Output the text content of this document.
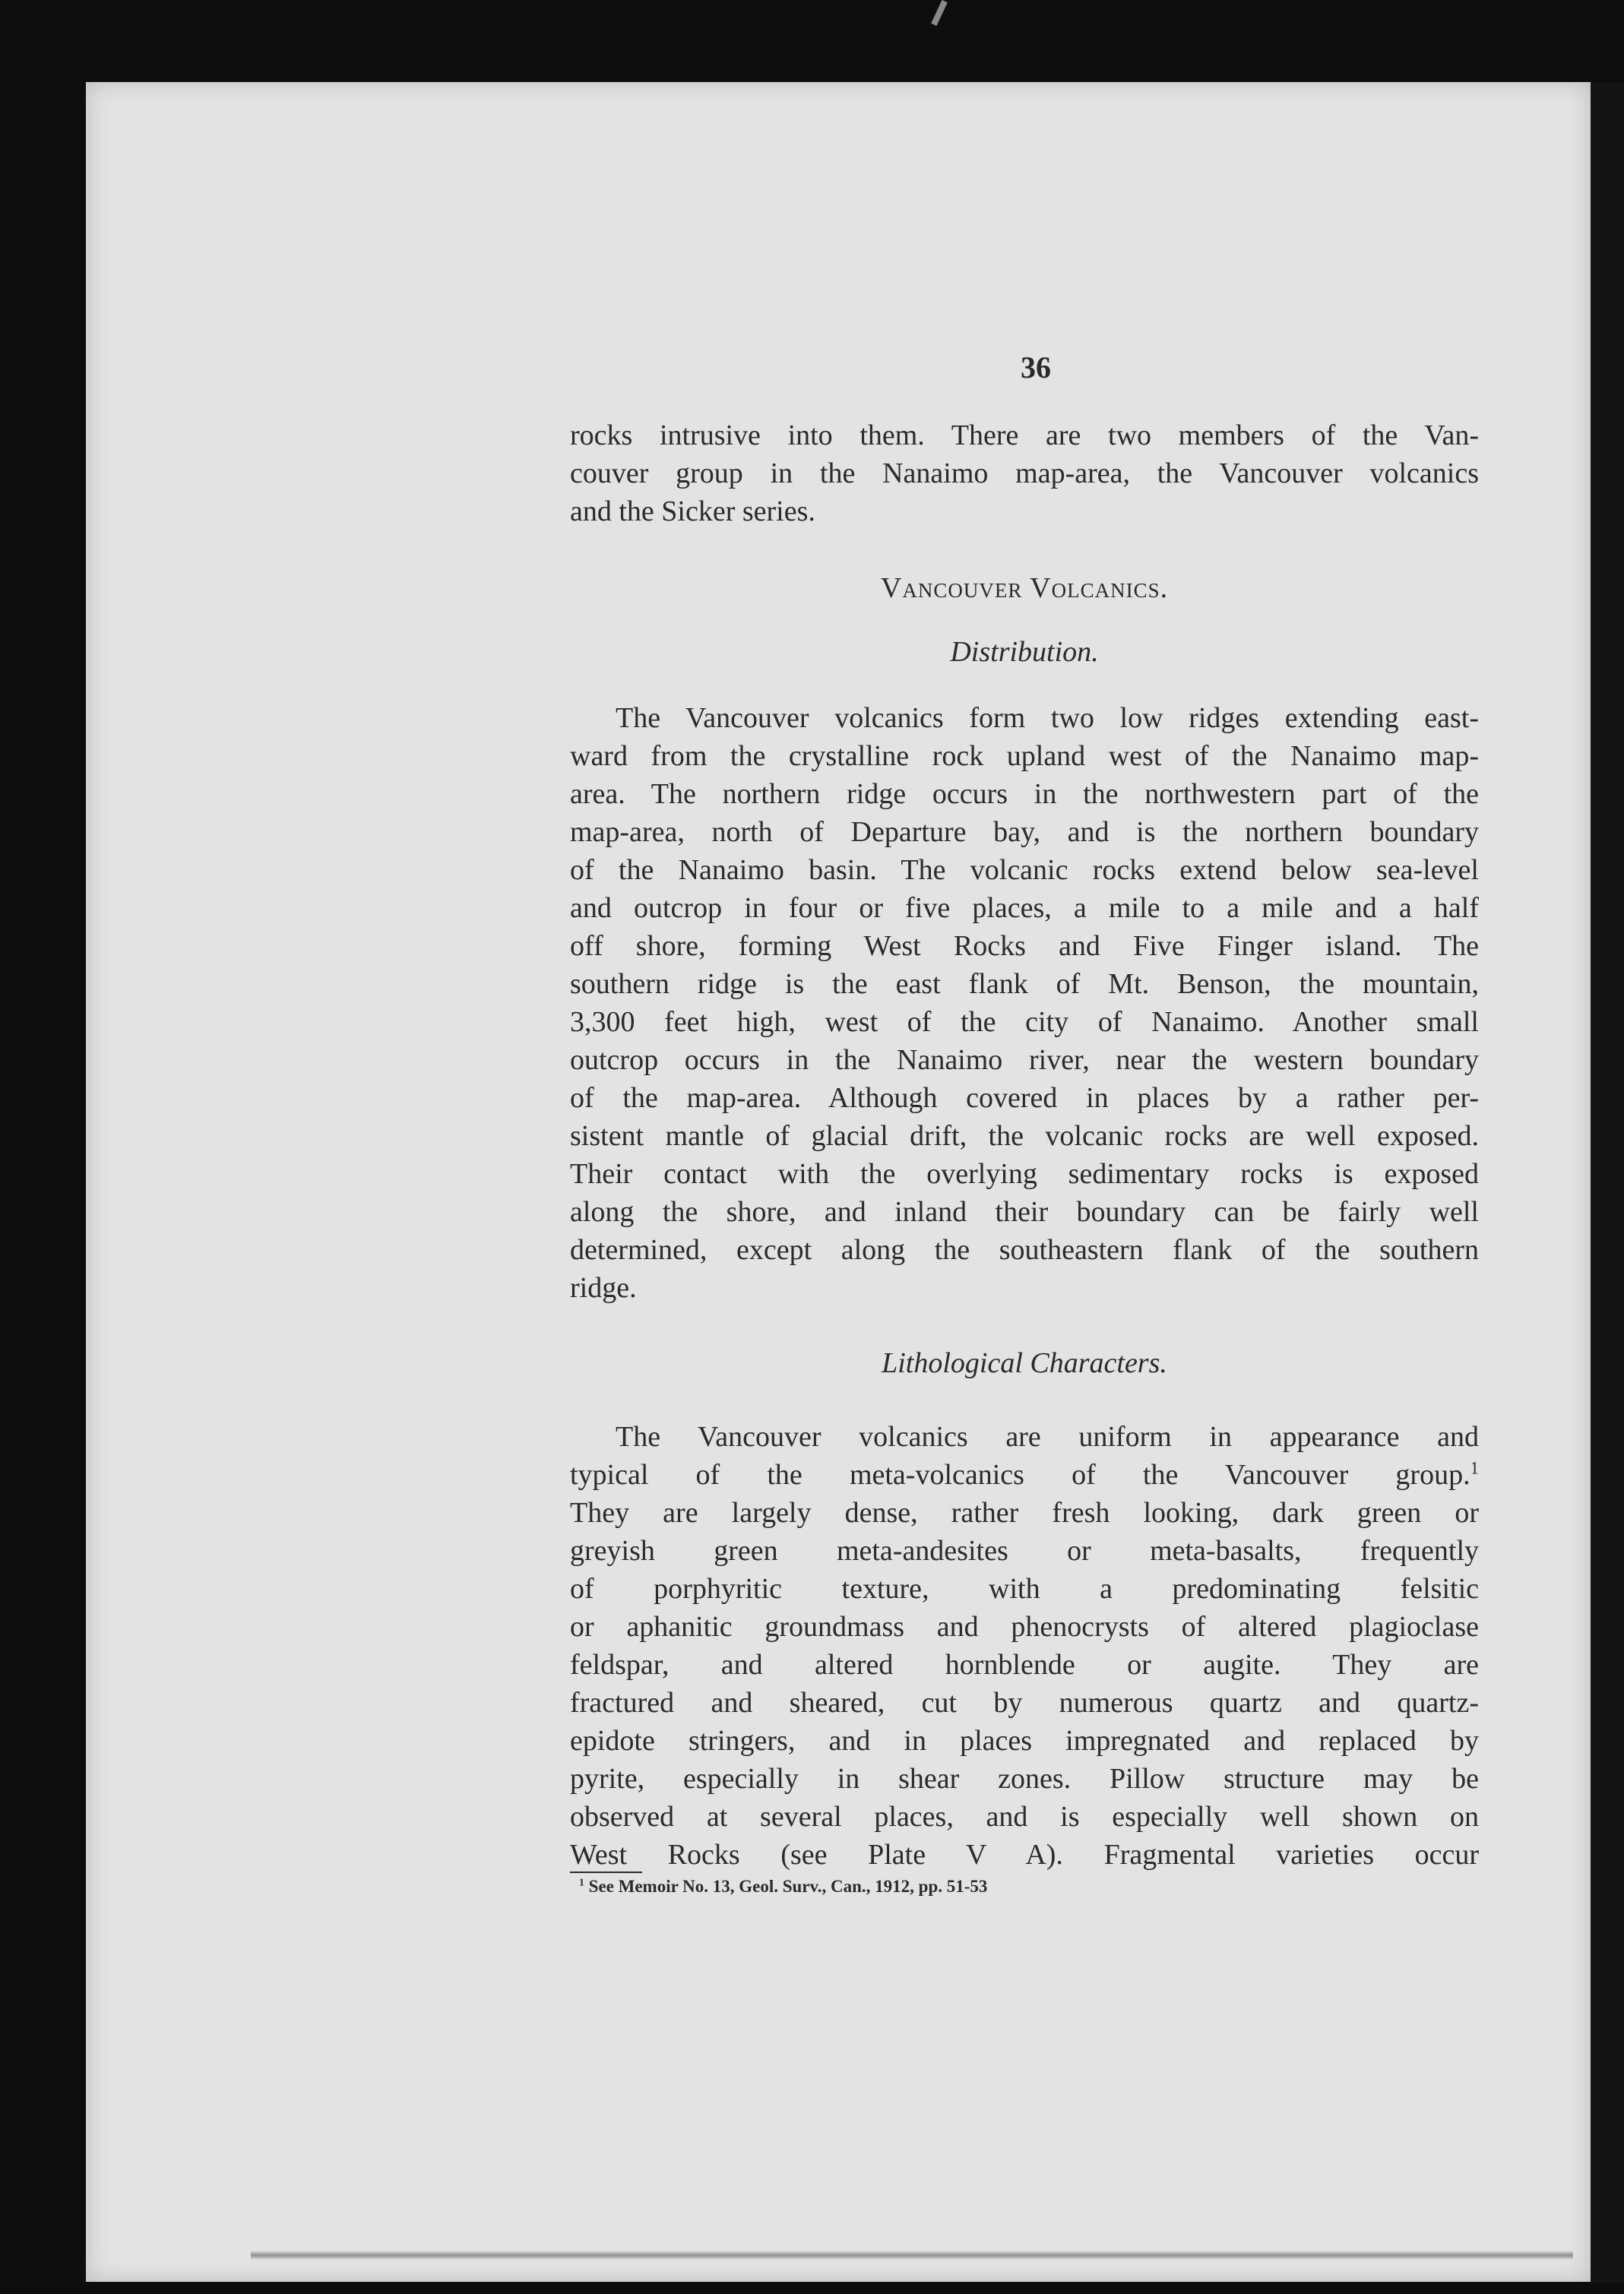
36
rocks intrusive into them. There are two members of the Van-
couver group in the Nanaimo map-area, the Vancouver volcanics
and the Sicker series.
Vancouver Volcanics.
Distribution.
The Vancouver volcanics form two low ridges extending east-
ward from the crystalline rock upland west of the Nanaimo map-
area. The northern ridge occurs in the northwestern part of the
map-area, north of Departure bay, and is the northern boundary
of the Nanaimo basin. The volcanic rocks extend below sea-level
and outcrop in four or five places, a mile to a mile and a half
off shore, forming West Rocks and Five Finger island. The
southern ridge is the east flank of Mt. Benson, the mountain,
3,300 feet high, west of the city of Nanaimo. Another small
outcrop occurs in the Nanaimo river, near the western boundary
of the map-area. Although covered in places by a rather per-
sistent mantle of glacial drift, the volcanic rocks are well exposed.
Their contact with the overlying sedimentary rocks is exposed
along the shore, and inland their boundary can be fairly well
determined, except along the southeastern flank of the southern
ridge.
Lithological Characters.
The Vancouver volcanics are uniform in appearance and
typical of the meta-volcanics of the Vancouver group.$^1$
They are largely dense, rather fresh looking, dark green or
greyish green meta-andesites or meta-basalts, frequently
of porphyritic texture, with a predominating felsitic
or aphanitic groundmass and phenocrysts of altered plagioclase
feldspar, and altered hornblende or augite. They are
fractured and sheared, cut by numerous quartz and quartz-
epidote stringers, and in places impregnated and replaced by
pyrite, especially in shear zones. Pillow structure may be
observed at several places, and is especially well shown on
West Rocks (see Plate V A). Fragmental varieties occur
$^1$ See Memoir No. 13, Geol. Surv., Can., 1912, pp. 51-53
